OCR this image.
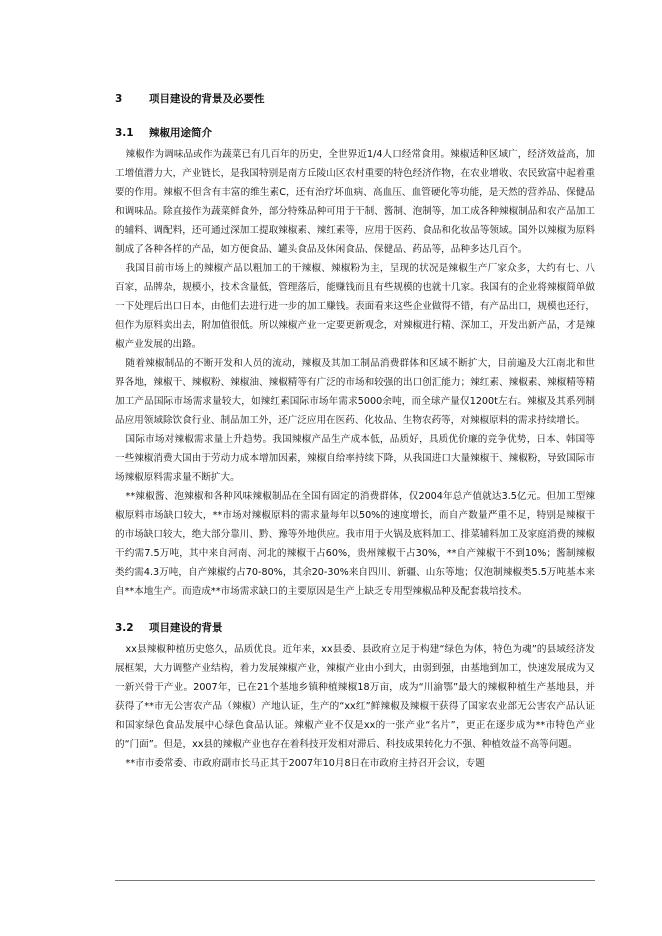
3	项目建设的背景及必要性
3.1 辣椒用途简介

辣椒作为调味品或作为蔬菜已有几百年的历史，全世界近1/4人口经常食用。辣椒适种区域广，经济效益高，加工增值潜力大，产业链长，是我国特别是南方丘陵山区农村重要的特色经济作物，在农业增收、农民致富中起着重要的作用。辣椒不但含有丰富的维生素C，还有治疗坏血病、高血压、血管硬化等功能，是天然的营养品、保健品和调味品。除直接作为蔬菜鲜食外，部分特殊品种可用于干制、酱制、泡制等，加工成各种辣椒制品和农产品加工的辅料、调配料，还可通过深加工提取辣椒素、辣红素等，应用于医药、食品和化妆品等领域。国外以辣椒为原料制成了各种各样的产品，如方便食品、罐头食品及休闲食品、保健品、药品等，品种多达几百个。

我国目前市场上的辣椒产品以粗加工的干辣椒、辣椒粉为主，呈现的状况是辣椒生产厂家众多，大约有七、八百家，品牌杂，规模小，技术含量低，管理落后，能赚钱而且有些规模的也就十几家。我国有的企业将辣椒简单做一下处理后出口日本，由他们去进行进一步的加工赚钱。表面看来这些企业做得不错，有产品出口，规模也还行，但作为原料卖出去，附加值很低。所以辣椒产业一定要更新观念，对辣椒进行精、深加工，开发出新产品，才是辣椒产业发展的出路。

随着辣椒制品的不断开发和人员的流动，辣椒及其加工制品消费群体和区域不断扩大，目前遍及大江南北和世界各地，辣椒干、辣椒粉、辣椒油、辣椒精等有广泛的市场和较强的出口创汇能力；辣红素、辣椒素、辣椒精等精加工产品国际市场需求量较大，如辣红素国际市场年需求5000余吨，而全球产量仅1200t左右。辣椒及其系列制品应用领域除饮食行业、制品加工外，还广泛应用在医药、化妆品、生物农药等，对辣椒原料的需求持续增长。

国际市场对辣椒需求量上升趋势。我国辣椒产品生产成本低，品质好，具质优价廉的竞争优势，日本、韩国等一些辣椒消费大国由于劳动力成本增加因素，辣椒自给率持续下降，从我国进口大量辣椒干、辣椒粉，导致国际市场辣椒原料需求量不断扩大。

**辣椒酱、泡辣椒和各种风味辣椒制品在全国有固定的消费群体，仅2004年总产值就达3.5亿元。但加工型辣椒原料市场缺口较大，**市场对辣椒原料的需求量每年以50%的速度增长，而自产数量严重不足，特别是辣椒干的市场缺口较大，绝大部分靠川、黔、豫等外地供应。我市用于火锅及底料加工、排菜辅料加工及家庭消费的辣椒干约需7.5万吨，其中来自河南、河北的辣椒干占60%，贵州辣椒干占30%，**自产辣椒干不到10%；酱制辣椒类约需4.3万吨，自产辣椒约占70-80%，其余20-30%来自四川、新疆、山东等地；仅泡制辣椒类5.5万吨基本来自**本地生产。而造成**市场需求缺口的主要原因是生产上缺乏专用型辣椒品种及配套栽培技术。

3.2 项目建设的背景

xx县辣椒种植历史悠久，品质优良。近年来，xx县委、县政府立足于构建“绿色为体，特色为魂”的县域经济发展框架，大力调整产业结构，着力发展辣椒产业，辣椒产业由小到大，由弱到强，由基地到加工，快速发展成为又一新兴骨干产业。2007年，已在21个基地乡镇种植辣椒18万亩，成为“川渝鄂”最大的辣椒种植生产基地县，并获得了**市无公害农产品（辣椒）产地认证，生产的“xx红”鲜辣椒及辣椒干获得了国家农业部无公害农产品认证和国家绿色食品发展中心绿色食品认证。辣椒产业不仅是xx的一张产业“名片”，更正在逐步成为**市特色产业的“门面”。但是，xx县的辣椒产业也存在着科技开发相对滞后、科技成果转化力不强、种植效益不高等问题。

**市市委常委、市政府副市长马正其于2007年10月8日在市政府主持召开会议，专题
